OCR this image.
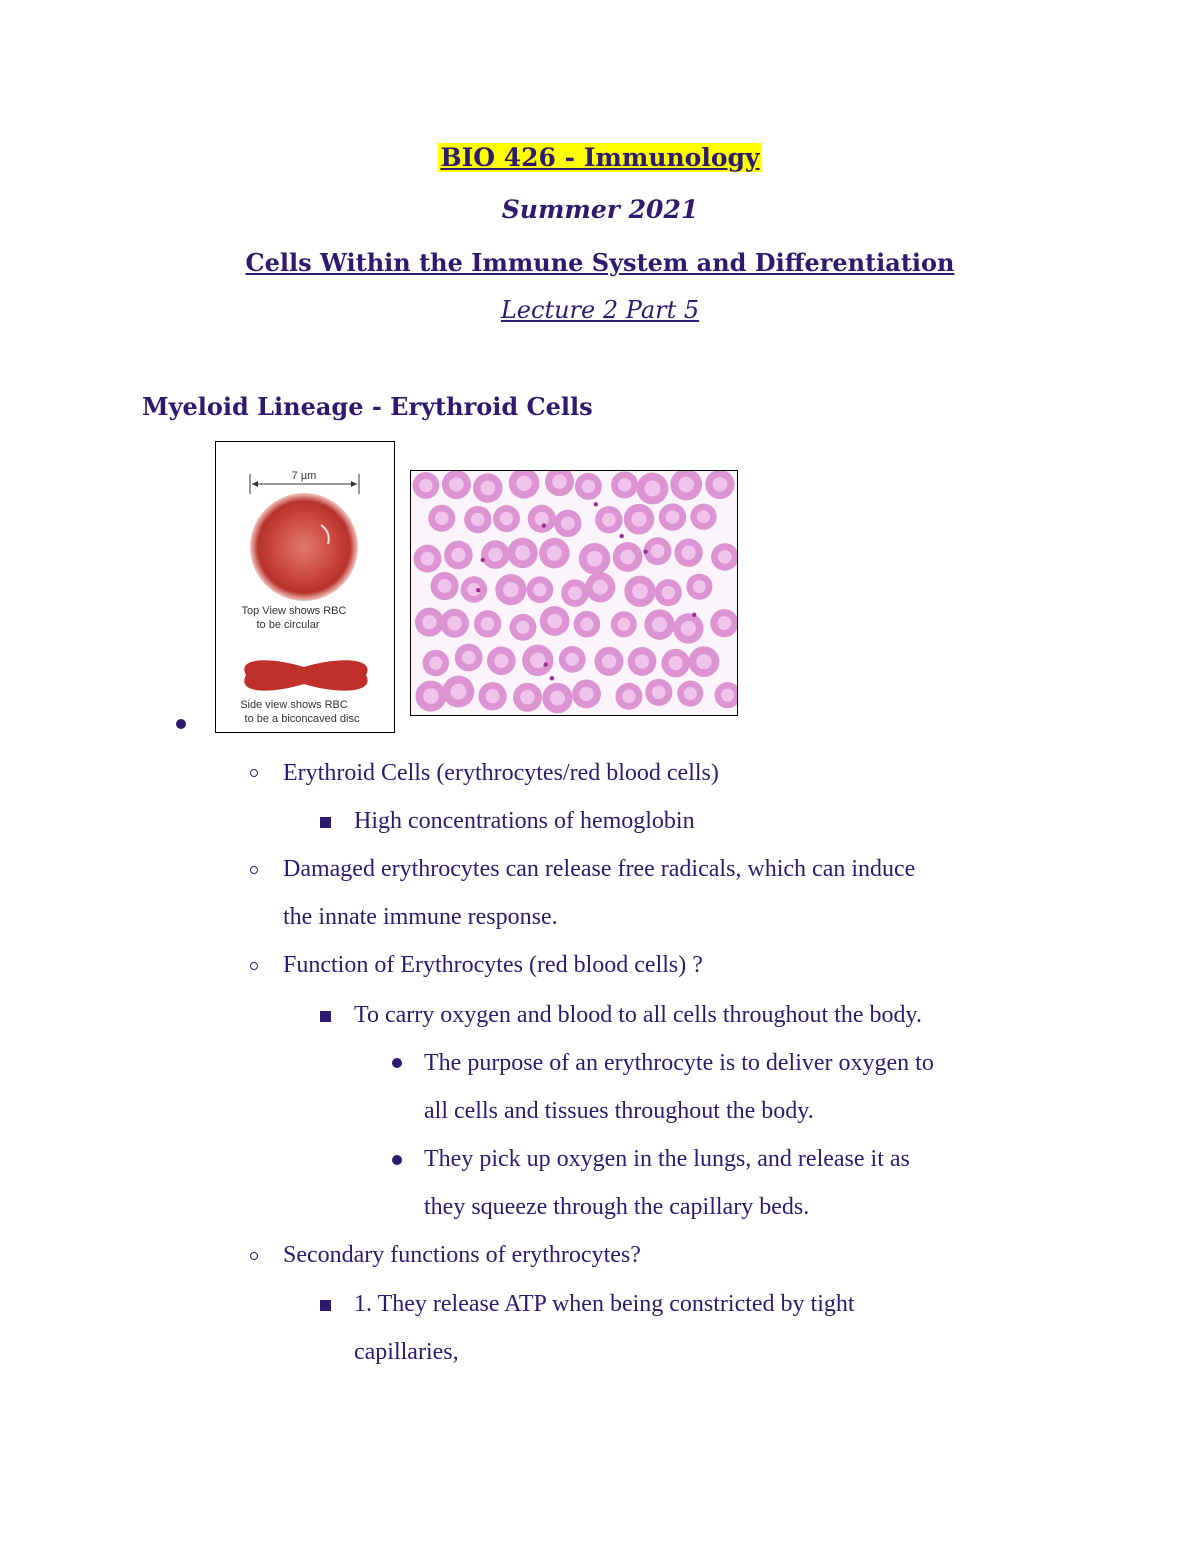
BIO 426 - Immunology
Summer 2021
Cells Within the Immune System and Differentiation
Lecture 2 Part 5
Myeloid Lineage - Erythroid Cells
7 µm
Top View shows RBC
to be circular
Side view shows RBC
to be a biconcaved disc
Erythroid Cells (erythrocytes/red blood cells)
High concentrations of hemoglobin
Damaged erythrocytes can release free radicals, which can induce
the innate immune response.
Function of Erythrocytes (red blood cells) ?
To carry oxygen and blood to all cells throughout the body.
The purpose of an erythrocyte is to deliver oxygen to
all cells and tissues throughout the body.
They pick up oxygen in the lungs, and release it as
they squeeze through the capillary beds.
Secondary functions of erythrocytes?
1. They release ATP when being constricted by tight
capillaries,
